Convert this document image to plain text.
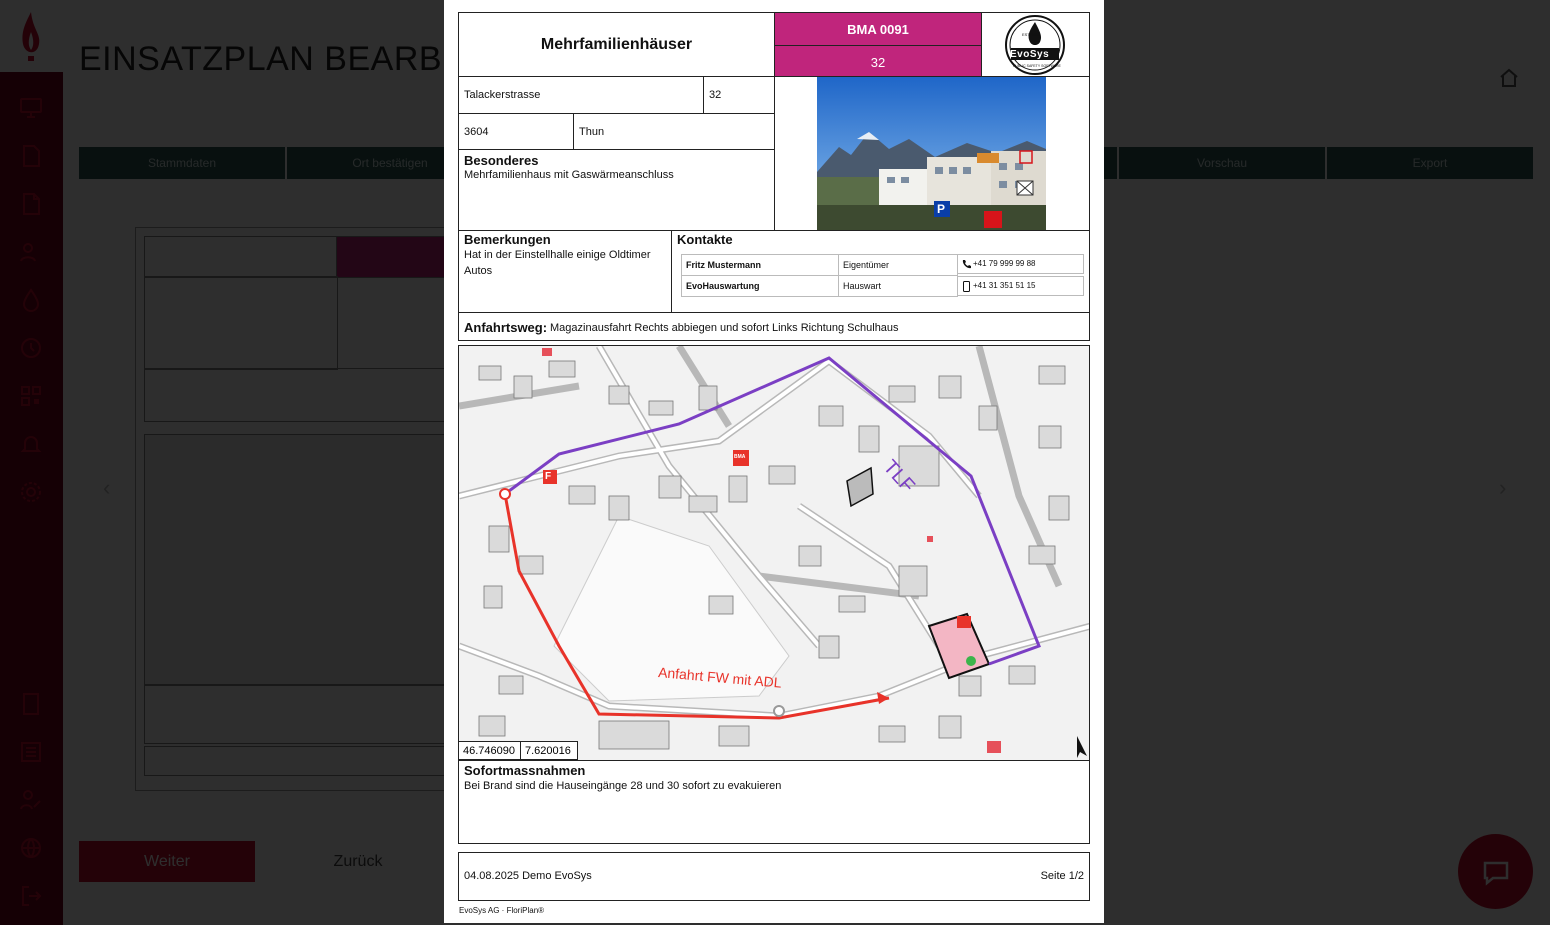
Mehrfamilienhäuser
BMA 0091
32
EvoSys
EST. 2011
PUBLIC SAFETY SOFTWARE
Talackerstrasse	32
3604	Thun
Besonderes
Mehrfamilienhaus mit Gaswärmeanschluss
P
Bemerkungen
Hat in der Einstellhalle einige Oldtimer
Autos
Kontakte
Fritz Mustermann	Eigentümer	+41 79 999 99 88
EvoHauswartung	Hauswart	+41 31 351 51 15
Anfahrtsweg: Magazinausfahrt Rechts abbiegen und sofort Links Richtung Schulhaus
F
BMA	TLF
Anfahrt FW mit ADL
46.746090 7.620016
Sofortmassnahmen
Bei Brand sind die Hauseingänge 28 und 30 sofort zu evakuieren
04.08.2025 Demo EvoSys	Seite 1/2
EvoSys AG · FloriPlan®
